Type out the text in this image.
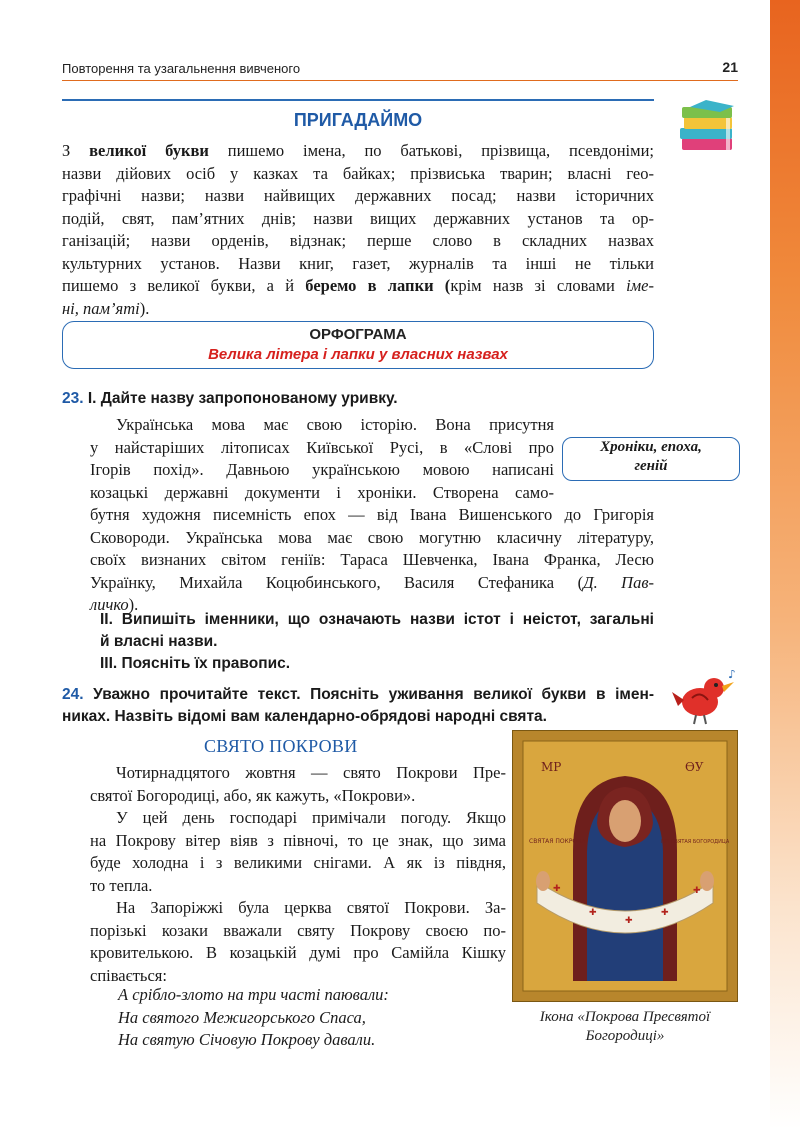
Повторення та узагальнення вивченого	21
ПРИГАДАЙМО
З великої букви пишемо імена, по батькові, прізвища, псевдоніми;
назви дійових осіб у казках та байках; прізвиська тварин; власні гео-
графічні назви; назви найвищих державних посад; назви історичних
подій, свят, пам’ятних днів; назви вищих державних установ та ор-
ганізацій; назви орденів, відзнак; перше слово в складних назвах
культурних установ. Назви книг, газет, журналів та інші не тільки
пишемо з великої букви, а й беремо в лапки (крім назв зі словами імe-
ні, пам’яті).
ОРФОГРАМА
Велика літера і лапки у власних назвах
23. І. Дайте назву запропонованому уривку.
Українська мова має свою історію. Вона присутня
у найстаріших літописах Київської Русі, в «Слові про
Ігорів похід». Давньою українською мовою написані
козацькі державні документи і хроніки. Створена само-
бутня художня писемність епох — від Івана Вишенського до Григорія
Сковороди. Українська мова має свою могутню класичну літературу,
своїх визнаних світом геніїв: Тараса Шевченка, Івана Франка, Лесю
Українку, Михайла Коцюбинського, Василя Стефаника (Д. Пав-
личко).
Хроніки, епоха,
геній
ІІ. Випишіть іменники, що означають назви істот і неістот, загальні
й власні назви.
ІІІ. Поясніть їх правопис.
24. Уважно прочитайте текст. Поясніть уживання великої букви в імен-
никах. Назвіть відомі вам календарно-обрядові народні свята.
♪
СВЯТО ПОКРОВИ
Чотирнадцятого жовтня — свято Покрови Пре-
святої Богородиці, або, як кажуть, «Покрови».
У цей день господарі примічали погоду. Якщо
на Покрову вітер віяв з півночі, то це знак, що зима
буде холодна і з великими снігами. А як із півдня,
то тепла.
На Запоріжжі була церква святої Покрови. За-
порізькі козаки вважали святу Покрову своєю по-
кровителькою. В козацькій думі про Самійла Кішку
співається:
А срібло-злото на три часті паювали:
На святого Межигорського Спаса,
На святую Січовую Покрову давали.
✚
✚
✚
✚
✚
МР	ѲУ
СВЯТАЯ ПОКРОВА	ПРЕСВЯТАЯ БОГОРОДИЦА
Ікона «Покрова Пресвятої
Богородиці»
